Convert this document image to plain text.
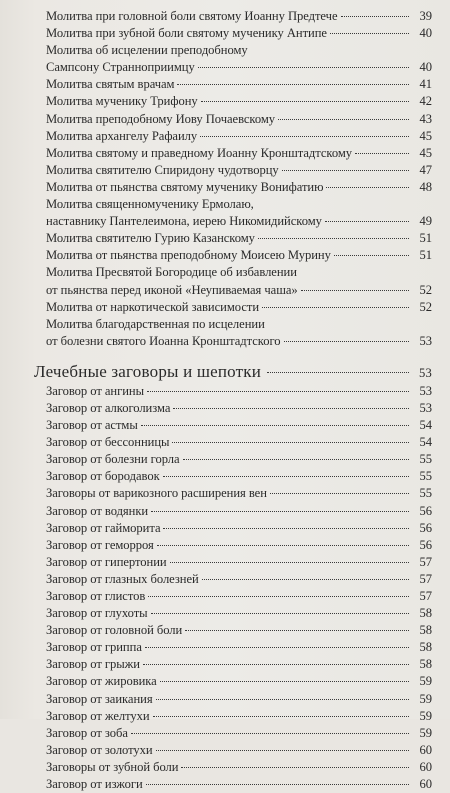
Молитва при головной боли святому Иоанну Предтече	39
Молитва при зубной боли святому мученику Антипе	40
Молитва об исцелении преподобному
Сампсону Странноприимцу	40
Молитва святым врачам	41
Молитва мученику Трифону	42
Молитва преподобному Иову Почаевскому	43
Молитва архангелу Рафаилу	45
Молитва святому и праведному Иоанну Кронштадтскому	45
Молитва святителю Спиридону чудотворцу	47
Молитва от пьянства святому мученику Вонифатию	48
Молитва священномученику Ермолаю,
наставнику Пантелеимона, иерею Никомидийскому	49
Молитва святителю Гурию Казанскому	51
Молитва от пьянства преподобному Моисею Мурину	51
Молитва Пресвятой Богородице об избавлении
от пьянства перед иконой «Неупиваемая чаша»	52
Молитва от наркотической зависимости	52
Молитва благодарственная по исцелении
от болезни святого Иоанна Кронштадтского	53
Лечебные заговоры и шепотки	53
Заговор от ангины	53
Заговор от алкоголизма	53
Заговор от астмы	54
Заговор от бессонницы	54
Заговор от болезни горла	55
Заговор от бородавок	55
Заговоры от варикозного расширения вен	55
Заговор от водянки	56
Заговор от гайморита	56
Заговор от геморроя	56
Заговор от гипертонии	57
Заговор от глазных болезней	57
Заговор от глистов	57
Заговор от глухоты	58
Заговор от головной боли	58
Заговор от гриппа	58
Заговор от грыжи	58
Заговор от жировика	59
Заговор от заикания	59
Заговор от желтухи	59
Заговор от зоба	59
Заговор от золотухи	60
Заговоры от зубной боли	60
Заговор от изжоги	60
